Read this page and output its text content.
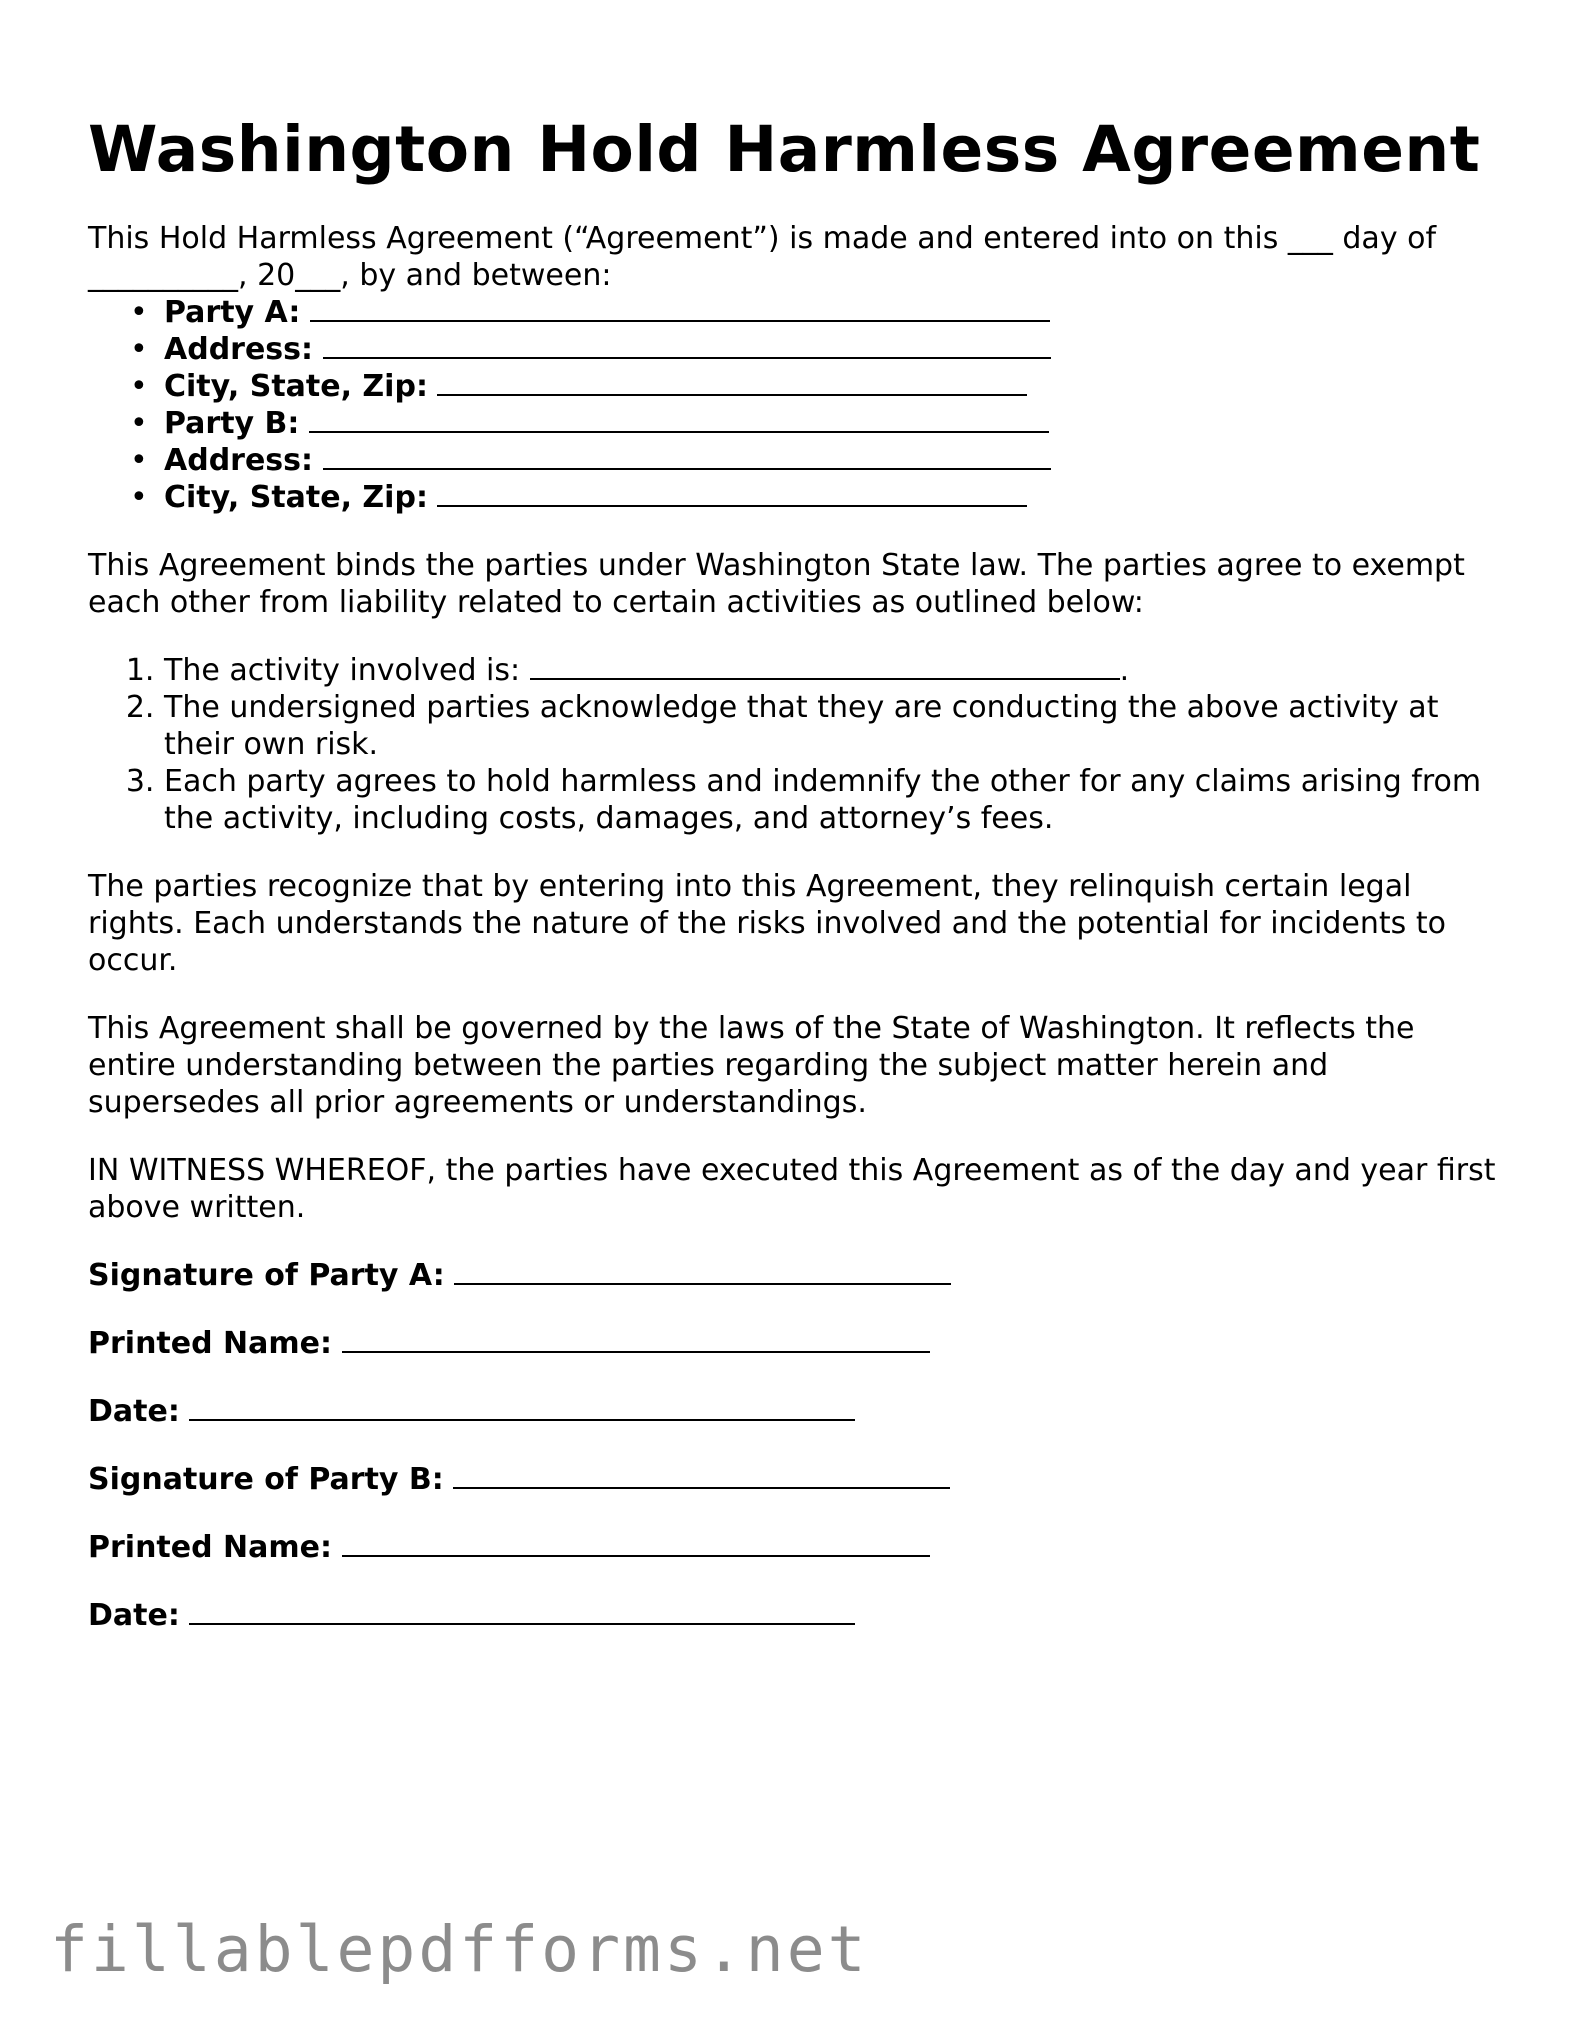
Washington Hold Harmless Agreement

This Hold Harmless Agreement (“Agreement”) is made and entered into on this ___ day of __________, 20___, by and between:

• Party A:
• Address:
• City, State, Zip:
• Party B:
• Address:
• City, State, Zip:

This Agreement binds the parties under Washington State law. The parties agree to exempt each other from liability related to certain activities as outlined below:

1. The activity involved is:	.
2. The undersigned parties acknowledge that they are conducting the above activity at their own risk.
3. Each party agrees to hold harmless and indemnify the other for any claims arising from the activity, including costs, damages, and attorney’s fees.

The parties recognize that by entering into this Agreement, they relinquish certain legal rights. Each understands the nature of the risks involved and the potential for incidents to occur.

This Agreement shall be governed by the laws of the State of Washington. It reflects the entire understanding between the parties regarding the subject matter herein and supersedes all prior agreements or understandings.

IN WITNESS WHEREOF, the parties have executed this Agreement as of the day and year first above written.

Signature of Party A:
Printed Name:
Date:
Signature of Party B:
Printed Name:
Date:
fillablepdfforms.net
